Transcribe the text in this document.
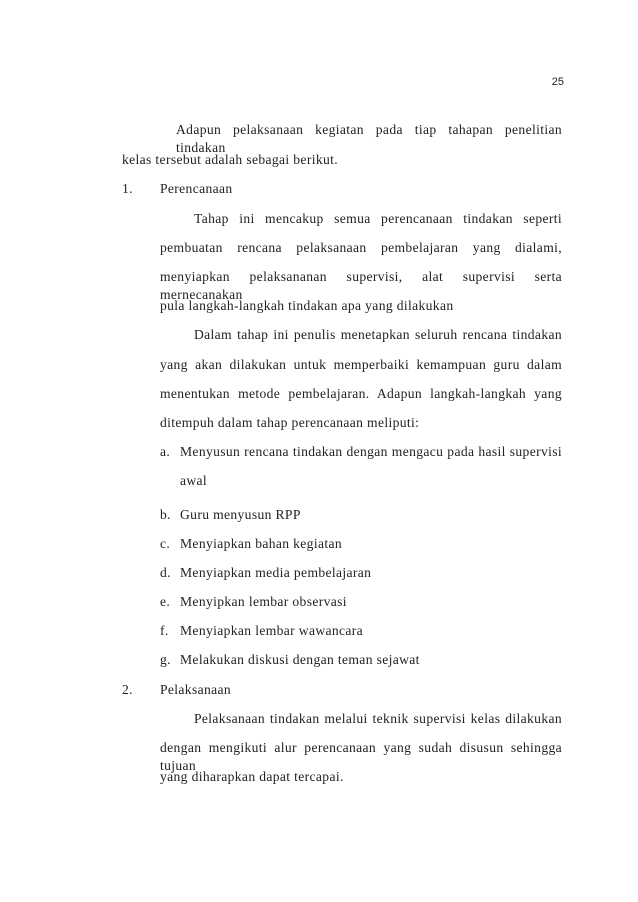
25
Adapun pelaksanaan kegiatan pada tiap tahapan penelitian tindakan
kelas tersebut adalah sebagai berikut.
1. Perencanaan
Tahap ini mencakup semua perencanaan tindakan seperti
pembuatan rencana pelaksanaan pembelajaran yang dialami,
menyiapkan pelaksananan supervisi, alat supervisi serta mernecanakan
pula langkah-langkah tindakan apa yang dilakukan
Dalam tahap ini penulis menetapkan seluruh rencana tindakan
yang akan dilakukan untuk memperbaiki kemampuan guru dalam
menentukan metode pembelajaran. Adapun langkah-langkah yang
ditempuh dalam tahap perencanaan meliputi:
a. Menyusun rencana tindakan dengan mengacu pada hasil supervisi
awal
b. Guru menyusun RPP
c. Menyiapkan bahan kegiatan
d. Menyiapkan media pembelajaran
e. Menyipkan lembar observasi
f. Menyiapkan lembar wawancara
g. Melakukan diskusi dengan teman sejawat
2. Pelaksanaan
Pelaksanaan tindakan melalui teknik supervisi kelas dilakukan
dengan mengikuti alur perencanaan yang sudah disusun sehingga tujuan
yang diharapkan dapat tercapai.
